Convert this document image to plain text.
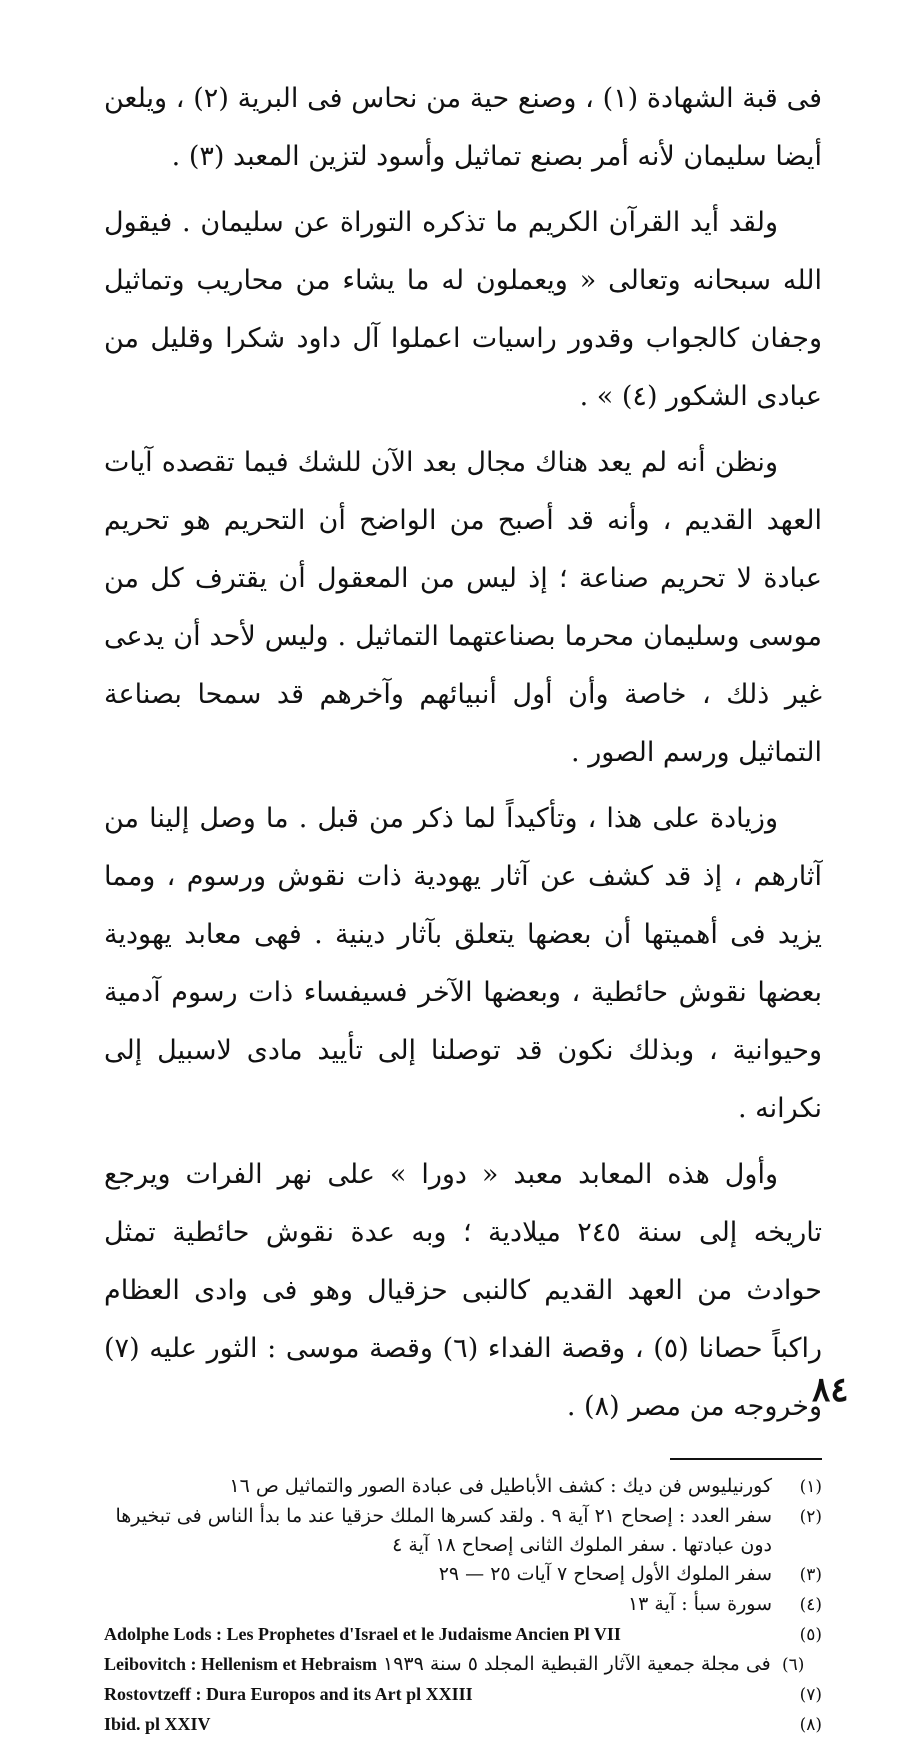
فى قبة الشهادة (١) ، وصنع حية من نحاس فى البرية (٢) ، ويلعن أيضا سليمان لأنه أمر بصنع تماثيل وأسود لتزين المعبد (٣) .

ولقد أيد القرآن الكريم ما تذكره التوراة عن سليمان . فيقول الله سبحانه وتعالى « ويعملون له ما يشاء من محاريب وتماثيل وجفان كالجواب وقدور راسيات اعملوا آل داود شكرا وقليل من عبادى الشكور (٤) » .

ونظن أنه لم يعد هناك مجال بعد الآن للشك فيما تقصده آيات العهد القديم ، وأنه قد أصبح من الواضح أن التحريم هو تحريم عبادة لا تحريم صناعة ؛ إذ ليس من المعقول أن يقترف كل من موسى وسليمان محرما بصناعتهما التماثيل . وليس لأحد أن يدعى غير ذلك ، خاصة وأن أول أنبيائهم وآخرهم قد سمحا بصناعة التماثيل ورسم الصور .

وزيادة على هذا ، وتأكيداً لما ذكر من قبل . ما وصل إلينا من آثارهم ، إذ قد كشف عن آثار يهودية ذات نقوش ورسوم ، ومما يزيد فى أهميتها أن بعضها يتعلق بآثار دينية . فهى معابد يهودية بعضها نقوش حائطية ، وبعضها الآخر فسيفساء ذات رسوم آدمية وحيوانية ، وبذلك نكون قد توصلنا إلى تأييد مادى لاسبيل إلى نكرانه .

وأول هذه المعابد معبد « دورا » على نهر الفرات ويرجع تاريخه إلى سنة ٢٤٥ ميلادية ؛ وبه عدة نقوش حائطية تمثل حوادث من العهد القديم كالنبى حزقيال وهو فى وادى العظام راكباً حصانا (٥) ، وقصة الفداء (٦) وقصة موسى : الثور عليه (٧) وخروجه من مصر (٨) .

(١)
كورنيليوس فن ديك : كشف الأباطيل فى عبادة الصور والتماثيل ص ١٦
(٢)
سفر العدد : إصحاح ٢١ آية ٩ . ولقد كسرها الملك حزقيا عند ما بدأ الناس فى تبخيرها دون عبادتها . سفر الملوك الثانى إصحاح ١٨ آية ٤
(٣)
سفر الملوك الأول إصحاح ٧ آيات ٢٥ — ٢٩
(٤)
سورة سبأ : آية ١٣
(٥)
Adolphe Lods : Les Prophetes d'Israel et le Judaisme Ancien Pl VII
Leibovitch : Hellenism et Hebraism فى مجلة جمعية الآثار القبطية المجلد ٥ سنة ١٩٣٩ (٦)
(٧)
Rostovtzeff : Dura Europos and its Art pl XXIII
(٨)
Ibid. pl XXIV
٨٤
